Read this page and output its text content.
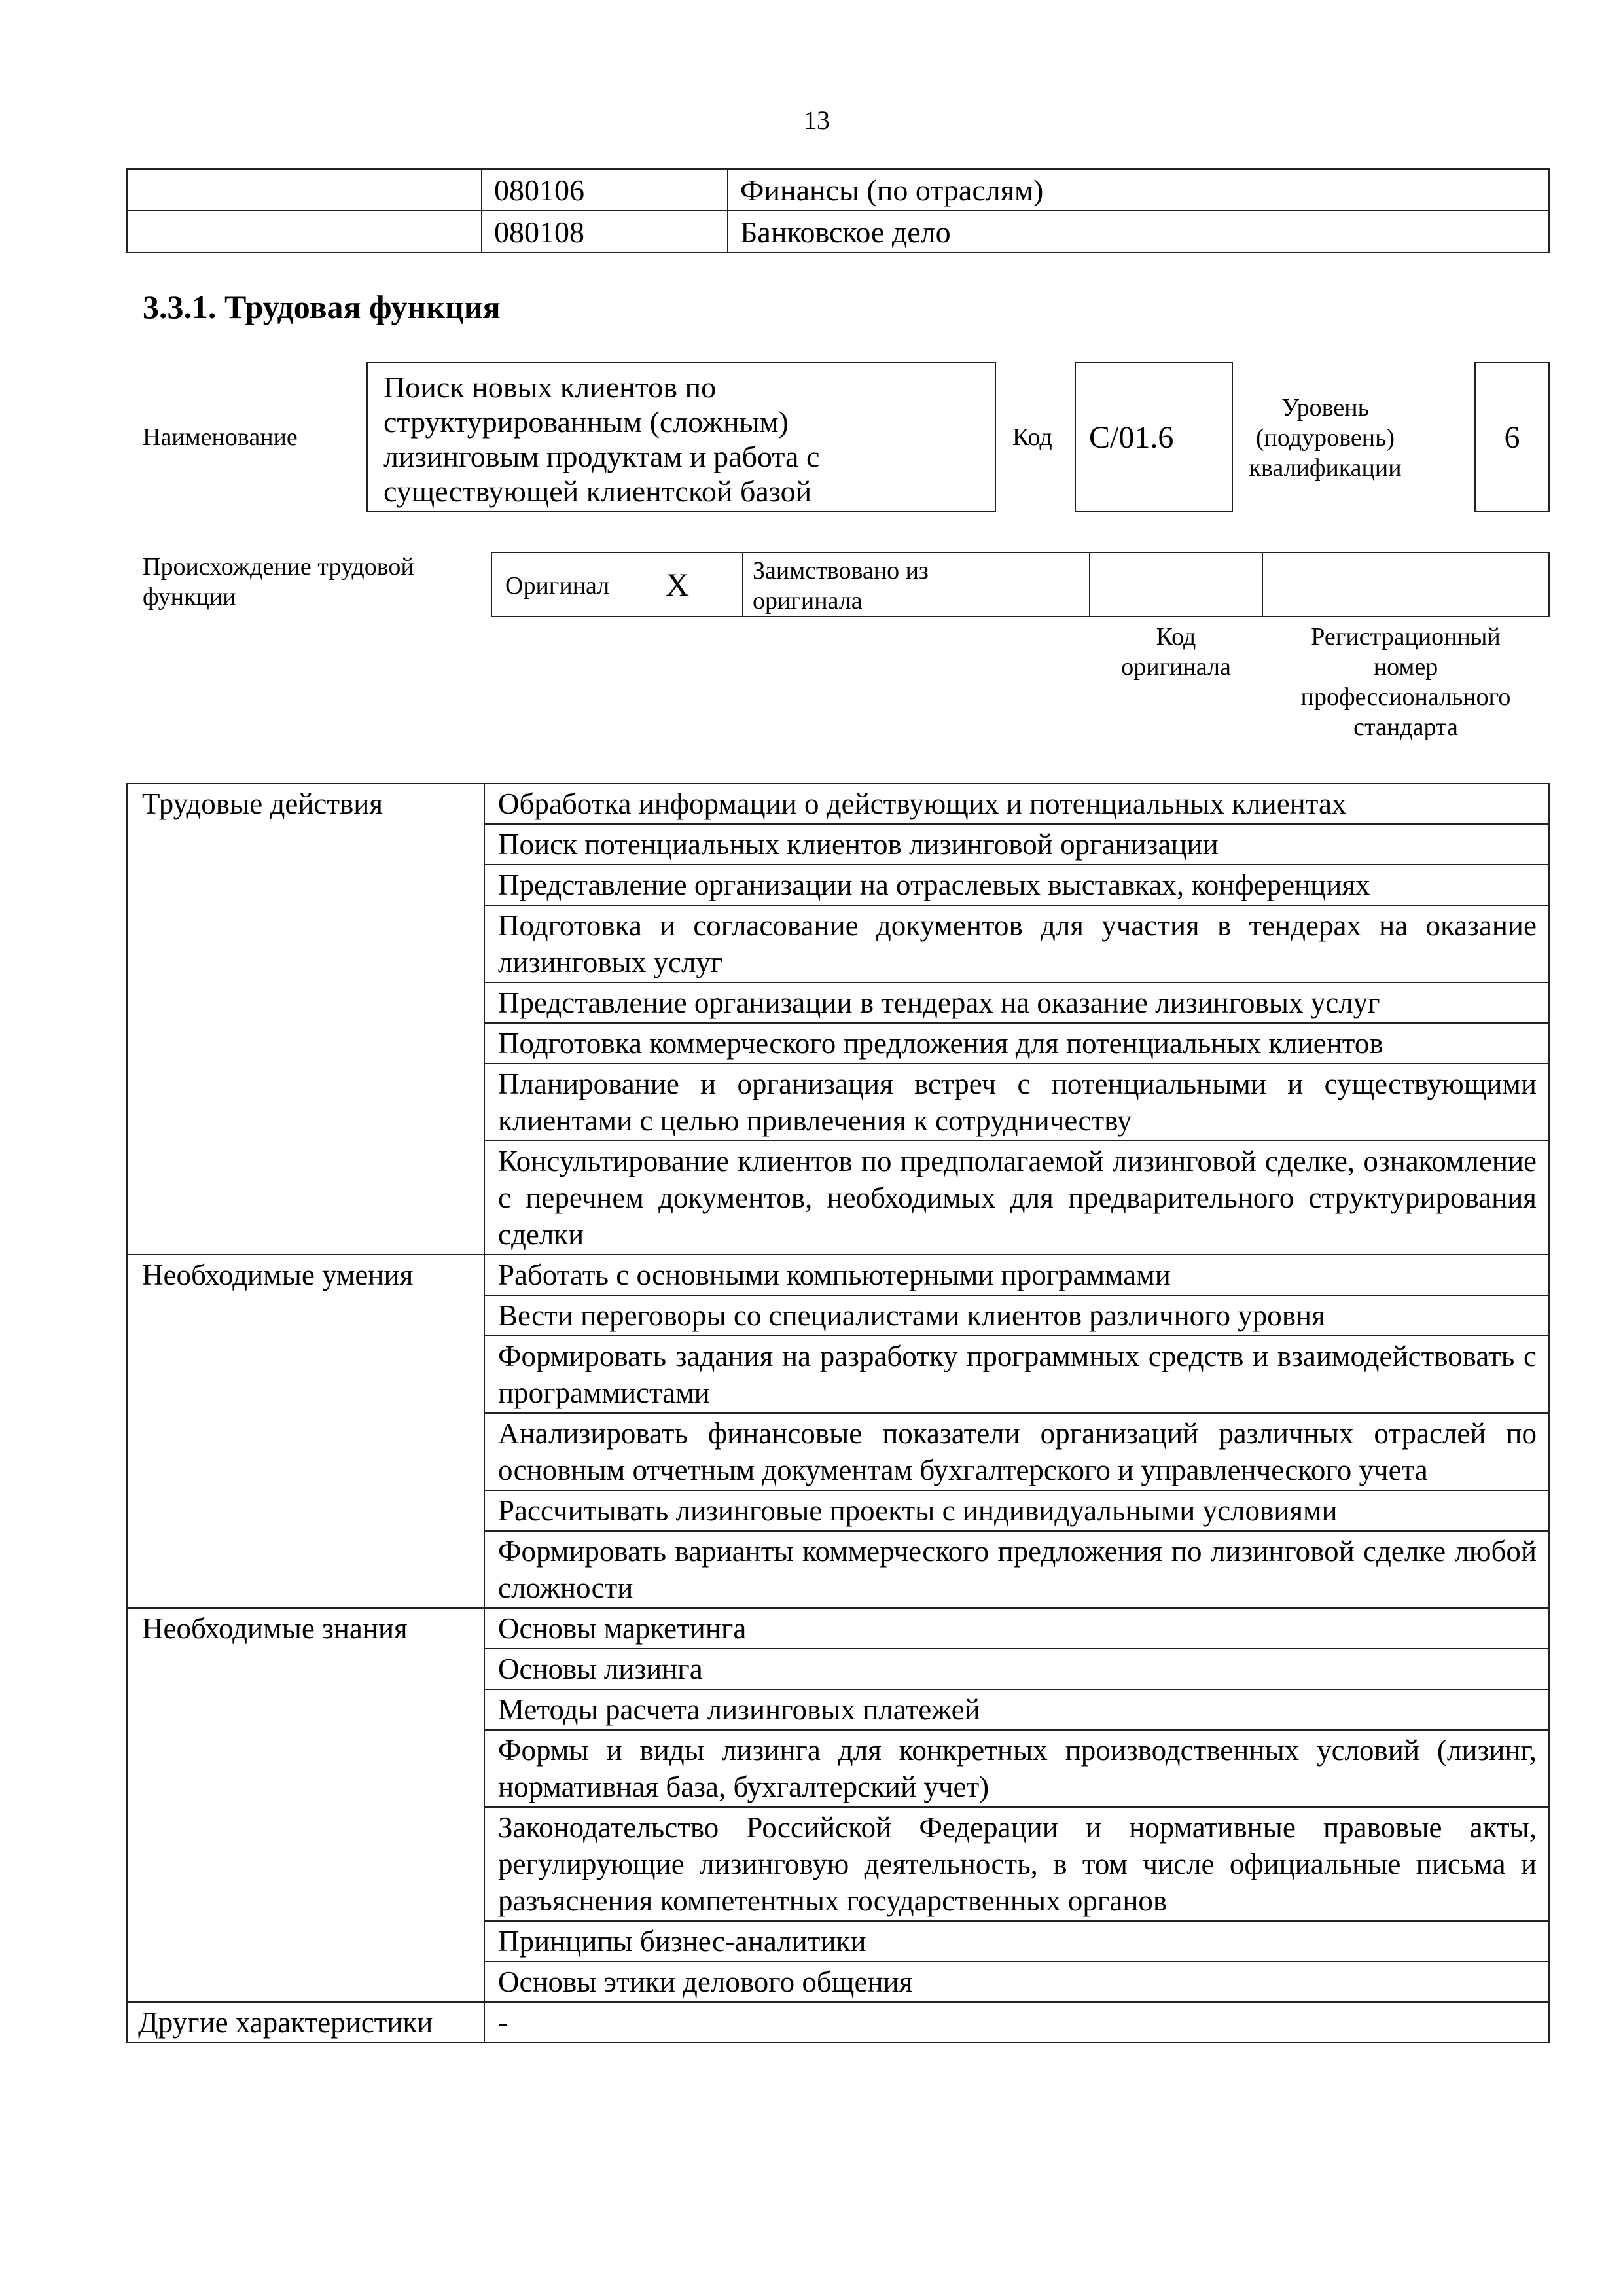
13
	080106	Финансы (по отраслям)
	080108	Банковское дело
3.3.1. Трудовая функция
Наименование
Поиск новых клиентов по
структурированным (сложным)
лизинговым продуктам и работа с
существующей клиентской базой
Код	C/01.6
Уровень
(подуровень)
квалификации
6
Происхождение трудовой
функции	Оригинал X	Заимствовано из
оригинала
Код
оригинала
Регистрационный
номер
профессионального
стандарта
Трудовые действия	Обработка информации о действующих и потенциальных клиентах
	Поиск потенциальных клиентов лизинговой организации
	Представление организации на отраслевых выставках, конференциях
	Подготовка и согласование документов для участия в тендерах на оказание лизинговых услуг
	Представление организации в тендерах на оказание лизинговых услуг
	Подготовка коммерческого предложения для потенциальных клиентов
	Планирование и организация встреч с потенциальными и существующими клиентами с целью привлечения к сотрудничеству
	Консультирование клиентов по предполагаемой лизинговой сделке, ознакомление с перечнем документов, необходимых для предварительного структурирования сделки
Необходимые умения	Работать с основными компьютерными программами
	Вести переговоры со специалистами клиентов различного уровня
	Формировать задания на разработку программных средств и взаимодействовать с программистами
	Анализировать финансовые показатели организаций различных отраслей по основным отчетным документам бухгалтерского и управленческого учета
	Рассчитывать лизинговые проекты с индивидуальными условиями
	Формировать варианты коммерческого предложения по лизинговой сделке любой сложности
Необходимые знания	Основы маркетинга
	Основы лизинга
	Методы расчета лизинговых платежей
	Формы и виды лизинга для конкретных производственных условий (лизинг, нормативная база, бухгалтерский учет)
	Законодательство Российской Федерации и нормативные правовые акты, регулирующие лизинговую деятельность, в том числе официальные письма и разъяснения компетентных государственных органов
	Принципы бизнес-аналитики
	Основы этики делового общения
Другие характеристики	-
